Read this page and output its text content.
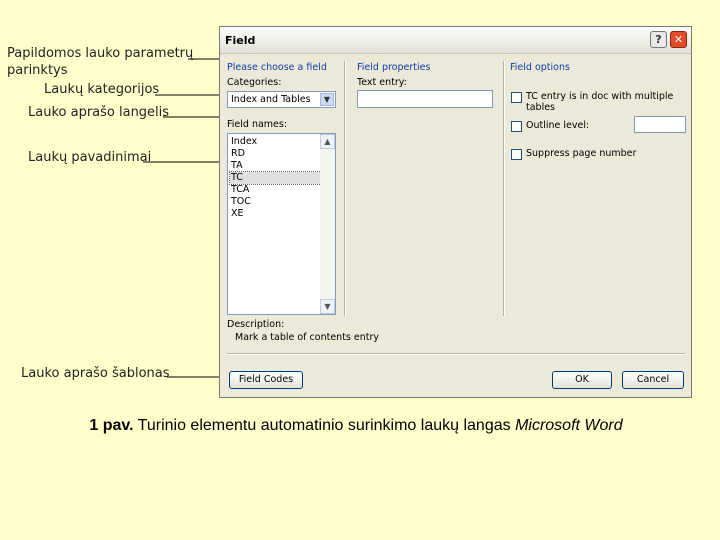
Papildomos lauko parametrų
parinktys
Laukų kategorijos
Lauko aprašo langelis
Laukų pavadinimai
Lauko aprašo šablonas
Field	?	✕
Please choose a field
Categories:
Index and Tables	▼
Field names:
Index
RD
TA
TC
TCA
TOC
XE
▲
▼
Field properties
Text entry:
Field options
TC entry is in doc with multiple tables
Outline level:
Suppress page number
Description:
Mark a table of contents entry
Field Codes	OK	Cancel
1 pav. Turinio elementu automatinio surinkimo laukų langas Microsoft Word
